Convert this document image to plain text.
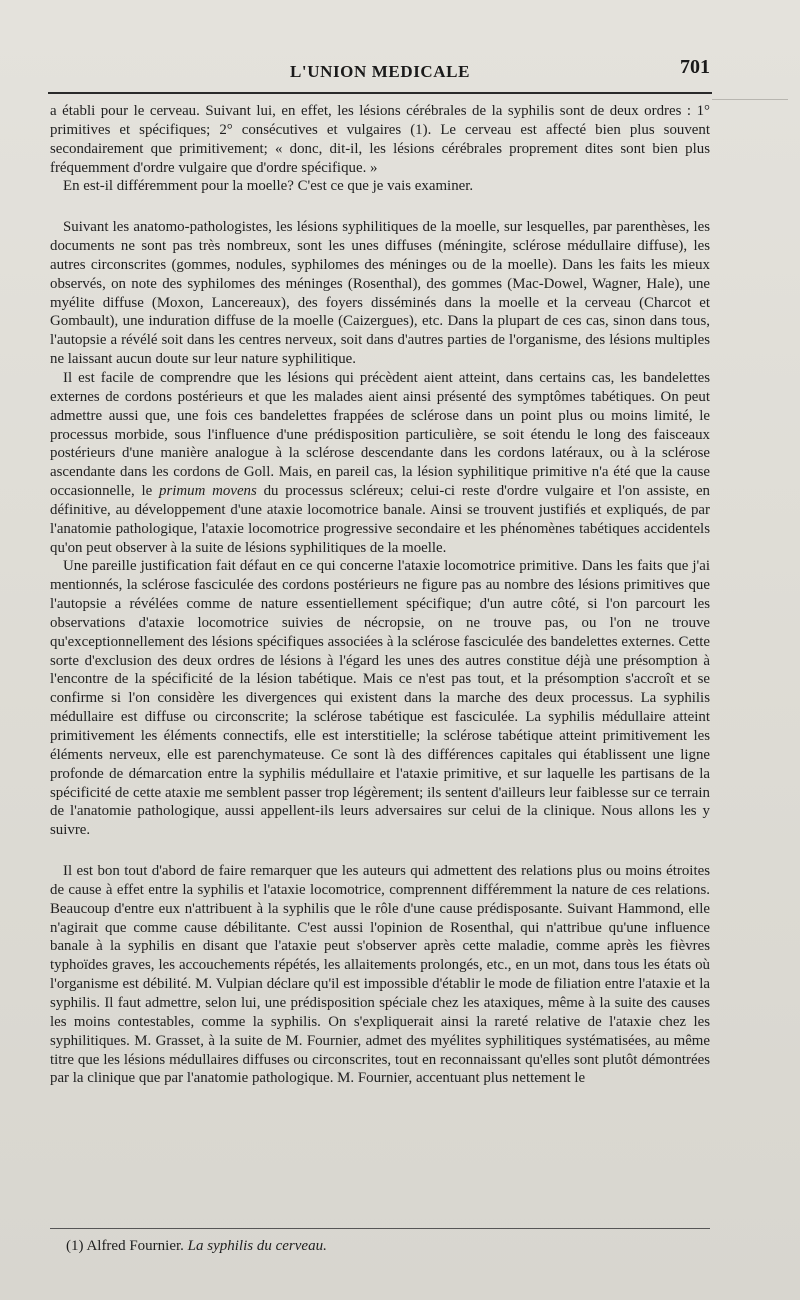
L'UNION MEDICALE	701

a établi pour le cerveau. Suivant lui, en effet, les lésions cérébrales de la syphilis sont de deux ordres : 1° primitives et spécifiques; 2° consécutives et vulgaires (1). Le cerveau est affecté bien plus souvent secondairement que primitivement; « donc, dit-il, les lésions cérébrales proprement dites sont bien plus fréquemment d'ordre vulgaire que d'ordre spécifique. »

En est-il différemment pour la moelle? C'est ce que je vais examiner.

Suivant les anatomo-pathologistes, les lésions syphilitiques de la moelle, sur lesquelles, par parenthèses, les documents ne sont pas très nombreux, sont les unes diffuses (méningite, sclérose médullaire diffuse), les autres circonscrites (gommes, nodules, syphilomes des méninges ou de la moelle). Dans les faits les mieux observés, on note des syphilomes des méninges (Rosenthal), des gommes (Mac-Dowel, Wagner, Hale), une myélite diffuse (Moxon, Lancereaux), des foyers disséminés dans la moelle et la cerveau (Charcot et Gombault), une induration diffuse de la moelle (Caizergues), etc. Dans la plupart de ces cas, sinon dans tous, l'autopsie a révélé soit dans les centres nerveux, soit dans d'autres parties de l'organisme, des lésions multiples ne laissant aucun doute sur leur nature syphilitique.

Il est facile de comprendre que les lésions qui précèdent aient atteint, dans certains cas, les bandelettes externes de cordons postérieurs et que les malades aient ainsi présenté des symptômes tabétiques. On peut admettre aussi que, une fois ces bandelettes frappées de sclérose dans un point plus ou moins limité, le processus morbide, sous l'influence d'une prédisposition particulière, se soit étendu le long des faisceaux postérieurs d'une manière analogue à la sclérose descendante dans les cordons latéraux, ou à la sclérose ascendante dans les cordons de Goll. Mais, en pareil cas, la lésion syphilitique primitive n'a été que la cause occasionnelle, le primum movens du processus scléreux; celui-ci reste d'ordre vulgaire et l'on assiste, en définitive, au développement d'une ataxie locomotrice banale. Ainsi se trouvent justifiés et expliqués, de par l'anatomie pathologique, l'ataxie locomotrice progressive secondaire et les phénomènes tabétiques accidentels qu'on peut observer à la suite de lésions syphilitiques de la moelle.

Une pareille justification fait défaut en ce qui concerne l'ataxie locomotrice primitive. Dans les faits que j'ai mentionnés, la sclérose fasciculée des cordons postérieurs ne figure pas au nombre des lésions primitives que l'autopsie a révélées comme de nature essentiellement spécifique; d'un autre côté, si l'on parcourt les observations d'ataxie locomotrice suivies de nécropsie, on ne trouve pas, ou l'on ne trouve qu'exceptionnellement des lésions spécifiques associées à la sclérose fasciculée des bandelettes externes. Cette sorte d'exclusion des deux ordres de lésions à l'égard les unes des autres constitue déjà une présomption à l'encontre de la spécificité de la lésion tabétique. Mais ce n'est pas tout, et la présomption s'accroît et se confirme si l'on considère les divergences qui existent dans la marche des deux processus. La syphilis médullaire est diffuse ou circonscrite; la sclérose tabétique est fasciculée. La syphilis médullaire atteint primitivement les éléments connectifs, elle est interstitielle; la sclérose tabétique atteint primitivement les éléments nerveux, elle est parenchymateuse. Ce sont là des différences capitales qui établissent une ligne profonde de démarcation entre la syphilis médullaire et l'ataxie primitive, et sur laquelle les partisans de la spécificité de cette ataxie me semblent passer trop légèrement; ils sentent d'ailleurs leur faiblesse sur ce terrain de l'anatomie pathologique, aussi appellent-ils leurs adversaires sur celui de la clinique. Nous allons les y suivre.

Il est bon tout d'abord de faire remarquer que les auteurs qui admettent des relations plus ou moins étroites de cause à effet entre la syphilis et l'ataxie locomotrice, comprennent différemment la nature de ces relations. Beaucoup d'entre eux n'attribuent à la syphilis que le rôle d'une cause prédisposante. Suivant Hammond, elle n'agirait que comme cause débilitante. C'est aussi l'opinion de Rosenthal, qui n'attribue qu'une influence banale à la syphilis en disant que l'ataxie peut s'observer après cette maladie, comme après les fièvres typhoïdes graves, les accouchements répétés, les allaitements prolongés, etc., en un mot, dans tous les états où l'organisme est débilité. M. Vulpian déclare qu'il est impossible d'établir le mode de filiation entre l'ataxie et la syphilis. Il faut admettre, selon lui, une prédisposition spéciale chez les ataxiques, même à la suite des causes les moins contestables, comme la syphilis. On s'expliquerait ainsi la rareté relative de l'ataxie chez les syphilitiques. M. Grasset, à la suite de M. Fournier, admet des myélites syphilitiques systématisées, au même titre que les lésions médullaires diffuses ou circonscrites, tout en reconnaissant qu'elles sont plutôt démontrées par la clinique que par l'anatomie pathologique. M. Fournier, accentuant plus nettement le

(1) Alfred Fournier. La syphilis du cerveau.
